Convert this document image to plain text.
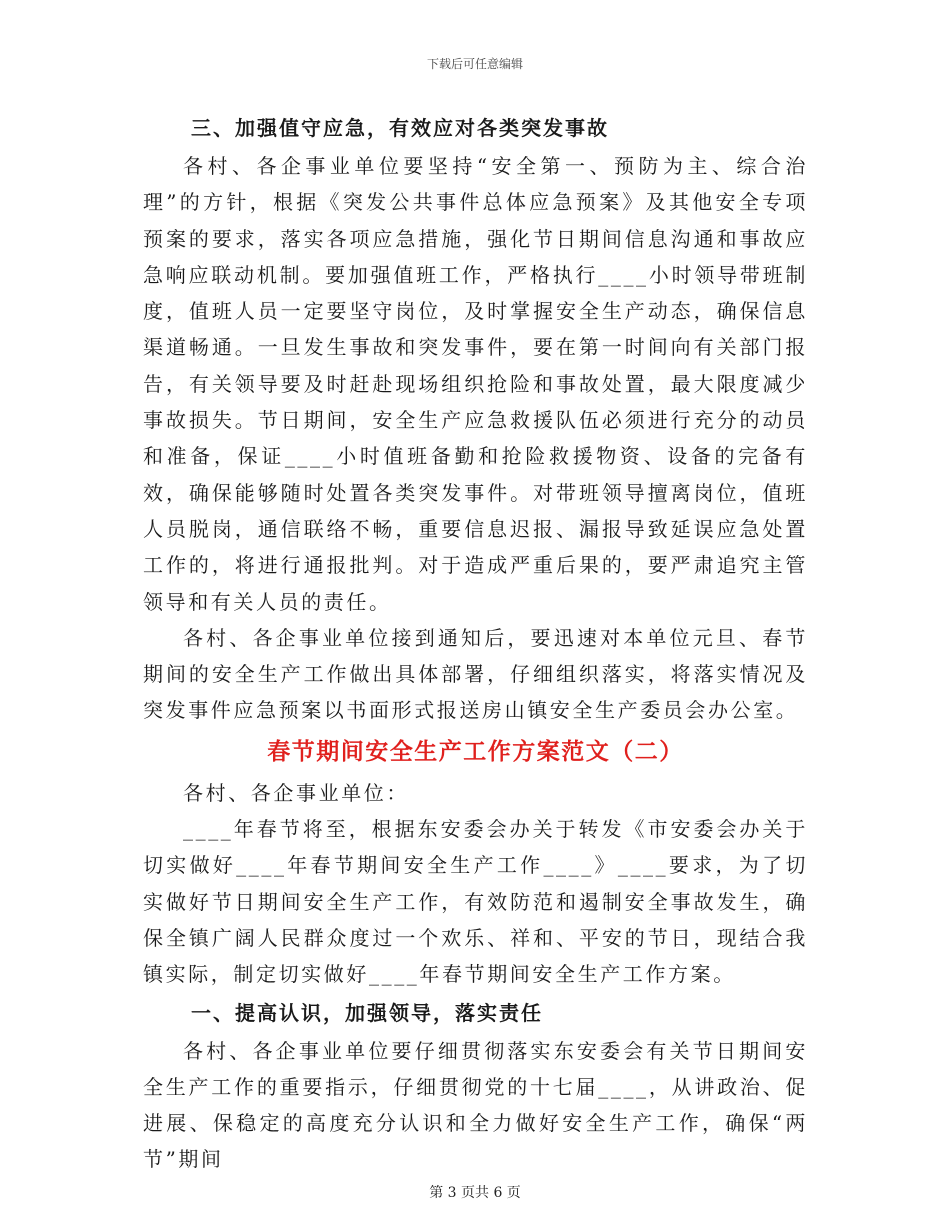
下载后可任意编辑

三、加强值守应急，有效应对各类突发事故

各村、各企事业单位要坚持“安全第一、预防为主、综合治理”的方针，根据《突发公共事件总体应急预案》及其他安全专项预案的要求，落实各项应急措施，强化节日期间信息沟通和事故应急响应联动机制。要加强值班工作，严格执行____小时领导带班制度，值班人员一定要坚守岗位，及时掌握安全生产动态，确保信息渠道畅通。一旦发生事故和突发事件，要在第一时间向有关部门报告，有关领导要及时赶赴现场组织抢险和事故处置，最大限度减少事故损失。节日期间，安全生产应急救援队伍必须进行充分的动员和准备，保证____小时值班备勤和抢险救援物资、设备的完备有效，确保能够随时处置各类突发事件。对带班领导擅离岗位，值班人员脱岗，通信联络不畅，重要信息迟报、漏报导致延误应急处置工作的，将进行通报批判。对于造成严重后果的，要严肃追究主管领导和有关人员的责任。

各村、各企事业单位接到通知后，要迅速对本单位元旦、春节期间的安全生产工作做出具体部署，仔细组织落实，将落实情况及突发事件应急预案以书面形式报送房山镇安全生产委员会办公室。

春节期间安全生产工作方案范文（二）

各村、各企事业单位：

____年春节将至，根据东安委会办关于转发《市安委会办关于切实做好____年春节期间安全生产工作____》____要求，为了切实做好节日期间安全生产工作，有效防范和遏制安全事故发生，确保全镇广阔人民群众度过一个欢乐、祥和、平安的节日，现结合我镇实际，制定切实做好____年春节期间安全生产工作方案。

一、提高认识，加强领导，落实责任

各村、各企事业单位要仔细贯彻落实东安委会有关节日期间安全生产工作的重要指示，仔细贯彻党的十七届____，从讲政治、促进展、保稳定的高度充分认识和全力做好安全生产工作，确保“两节”期间

第 3 页共 6 页
